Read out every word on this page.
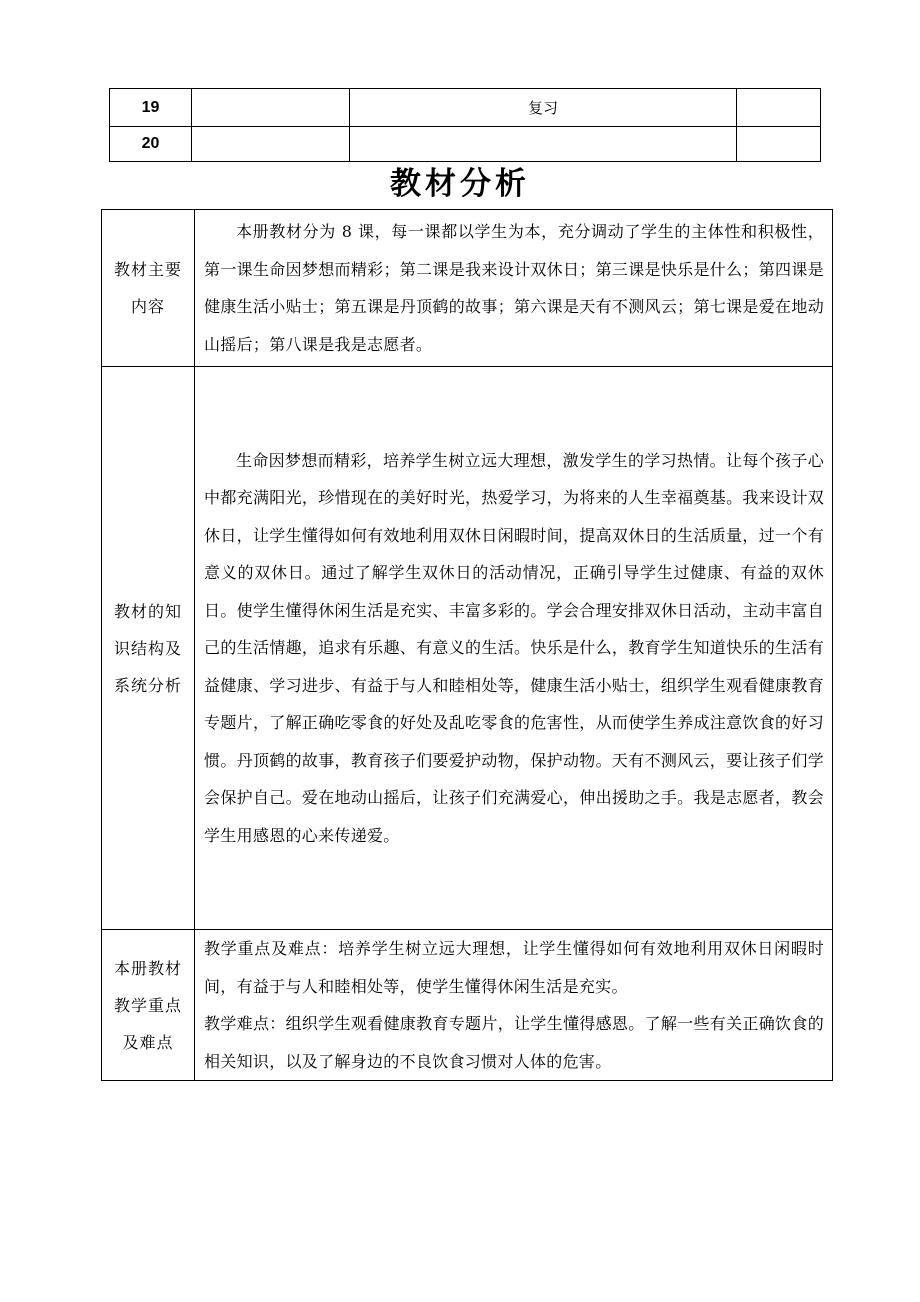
19		复习	
20			
教材分析
教材主要内容	本册教材分为 8 课，每一课都以学生为本，充分调动了学生的主体性和积极性，第一课生命因梦想而精彩；第二课是我来设计双休日；第三课是快乐是什么；第四课是健康生活小贴士；第五课是丹顶鹤的故事；第六课是天有不测风云；第七课是爱在地动山摇后；第八课是我是志愿者。

教材的知识结构及系统分析	生命因梦想而精彩，培养学生树立远大理想，激发学生的学习热情。让每个孩子心中都充满阳光，珍惜现在的美好时光，热爱学习，为将来的人生幸福奠基。我来设计双休日，让学生懂得如何有效地利用双休日闲暇时间，提高双休日的生活质量，过一个有意义的双休日。通过了解学生双休日的活动情况，正确引导学生过健康、有益的双休日。使学生懂得休闲生活是充实、丰富多彩的。学会合理安排双休日活动，主动丰富自己的生活情趣，追求有乐趣、有意义的生活。快乐是什么，教育学生知道快乐的生活有益健康、学习进步、有益于与人和睦相处等，健康生活小贴士，组织学生观看健康教育专题片，了解正确吃零食的好处及乱吃零食的危害性，从而使学生养成注意饮食的好习惯。丹顶鹤的故事，教育孩子们要爱护动物，保护动物。天有不测风云，要让孩子们学会保护自己。爱在地动山摇后，让孩子们充满爱心，伸出援助之手。我是志愿者，教会学生用感恩的心来传递爱。

本册教材教学重点及难点	教学重点及难点：培养学生树立远大理想，让学生懂得如何有效地利用双休日闲暇时间，有益于与人和睦相处等，使学生懂得休闲生活是充实。

教学难点：组织学生观看健康教育专题片，让学生懂得感恩。了解一些有关正确饮食的相关知识，以及了解身边的不良饮食习惯对人体的危害。
